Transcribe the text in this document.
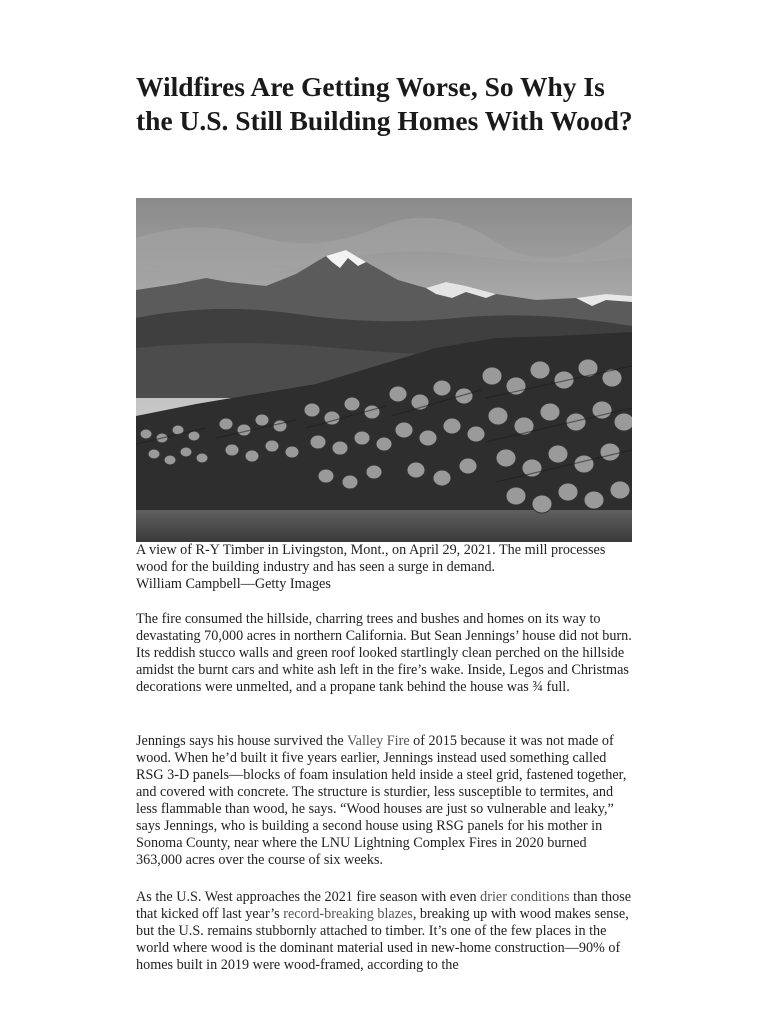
Wildfires Are Getting Worse, So Why Is the U.S. Still Building Homes With Wood?

A view of R-Y Timber in Livingston, Mont., on April 29, 2021. The mill processes wood for the building industry and has seen a surge in demand.

William Campbell—Getty Images

The fire consumed the hillside, charring trees and bushes and homes on its way to devastating 70,000 acres in northern California. But Sean Jennings’ house did not burn. Its reddish stucco walls and green roof looked startlingly clean perched on the hillside amidst the burnt cars and white ash left in the fire’s wake. Inside, Legos and Christmas decorations were unmelted, and a propane tank behind the house was ¾ full.

Jennings says his house survived the Valley Fire of 2015 because it was not made of wood. When he’d built it five years earlier, Jennings instead used something called RSG 3-D panels—blocks of foam insulation held inside a steel grid, fastened together, and covered with concrete. The structure is sturdier, less susceptible to termites, and less flammable than wood, he says. “Wood houses are just so vulnerable and leaky,” says Jennings, who is building a second house using RSG panels for his mother in Sonoma County, near where the LNU Lightning Complex Fires in 2020 burned 363,000 acres over the course of six weeks.

As the U.S. West approaches the 2021 fire season with even drier conditions than those that kicked off last year’s record-breaking blazes, breaking up with wood makes sense, but the U.S. remains stubbornly attached to timber. It’s one of the few places in the world where wood is the dominant material used in new-home construction—90% of homes built in 2019 were wood-framed, according to the
